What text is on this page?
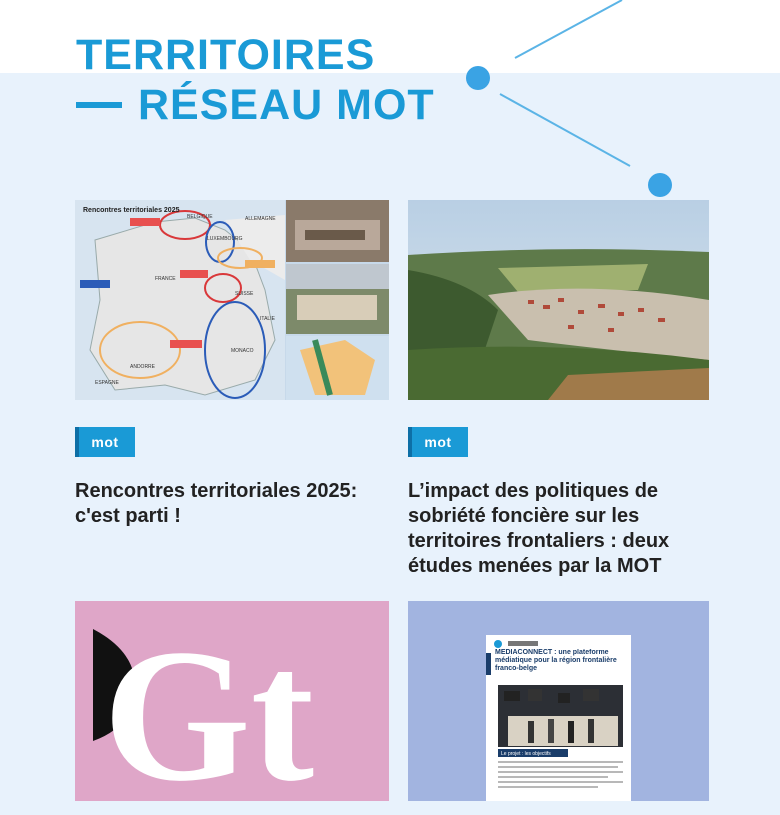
TERRITOIRES
RÉSEAU MOT
Rencontres territoriales 2025
BELGIQUE	ALLEMAGNE
LUXEMBOURG
FRANCE
SUISSE
ITALIE
MONACO
ANDORRE
ESPAGNE
mot
Rencontres territoriales 2025: c'est parti !
mot
L’impact des politiques de sobriété foncière sur les territoires frontaliers : deux études menées par la MOT
Gt	MEDIACONNECT : une plateforme médiatique pour la région frontalière franco-belge
Le projet : les objectifs
